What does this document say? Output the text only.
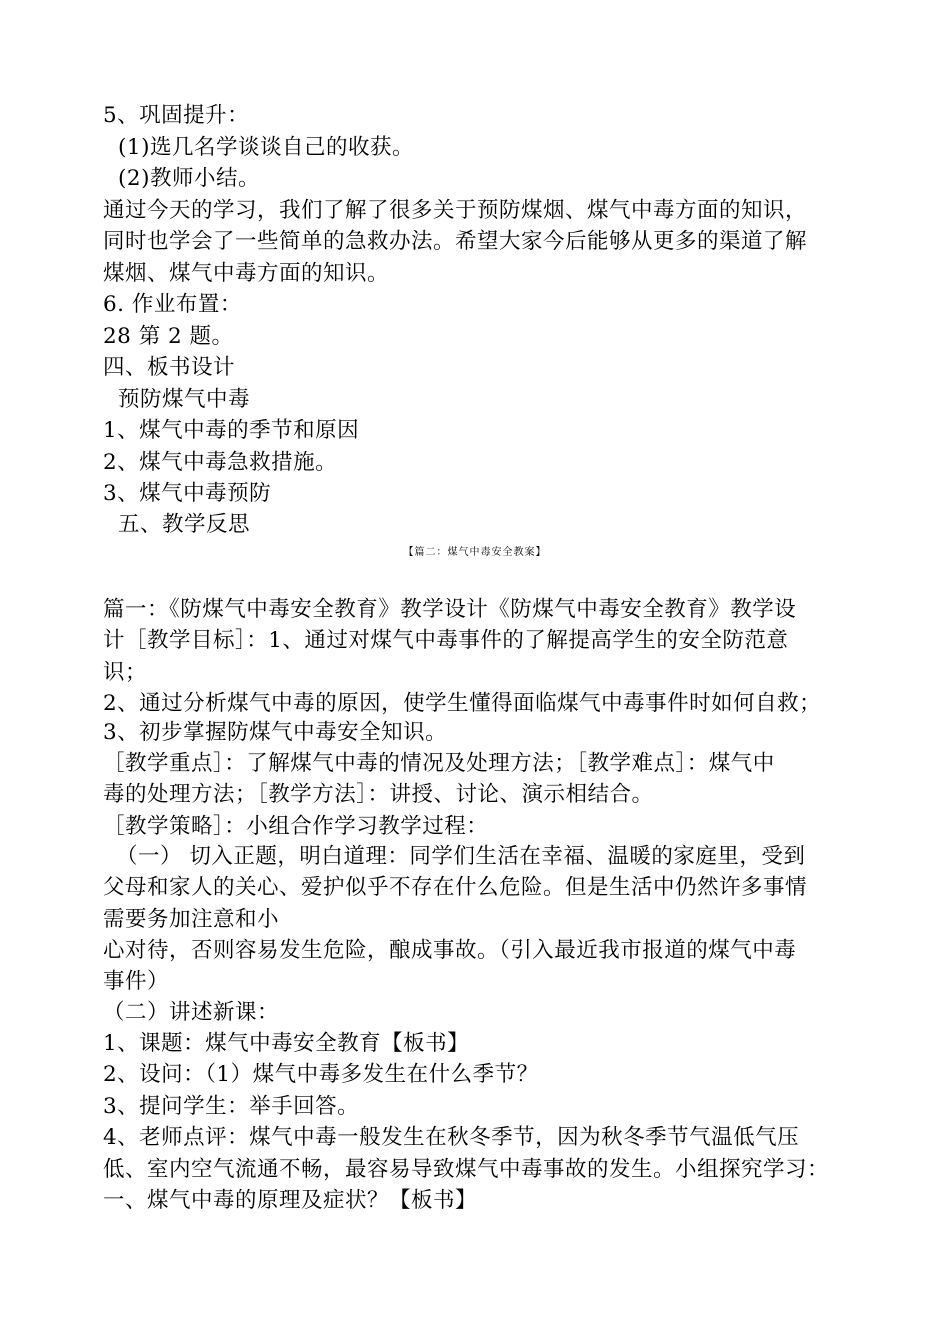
5、巩固提升：
(1)选几名学谈谈自己的收获。
(2)教师小结。
通过今天的学习，我们了解了很多关于预防煤烟、煤气中毒方面的知识，
同时也学会了一些简单的急救办法。希望大家今后能够从更多的渠道了解
煤烟、煤气中毒方面的知识。
6. 作业布置：
28 第 2 题。
四、板书设计
预防煤气中毒
1、煤气中毒的季节和原因
2、煤气中毒急救措施。
3、煤气中毒预防
五、教学反思
【篇二：煤气中毒安全教案】
篇一：《防煤气中毒安全教育》教学设计《防煤气中毒安全教育》教学设
计［教学目标］：1、通过对煤气中毒事件的了解提高学生的安全防范意
识；
2、通过分析煤气中毒的原因，使学生懂得面临煤气中毒事件时如何自救；
3、初步掌握防煤气中毒安全知识。
［教学重点］：了解煤气中毒的情况及处理方法；［教学难点］：煤气中
毒的处理方法；［教学方法］：讲授、讨论、演示相结合。
［教学策略］：小组合作学习教学过程：
（一） 切入正题，明白道理：同学们生活在幸福、温暖的家庭里，受到
父母和家人的关心、爱护似乎不存在什么危险。但是生活中仍然许多事情
需要务加注意和小
心对待，否则容易发生危险，酿成事故。（引入最近我市报道的煤气中毒
事件）
（二）讲述新课：
1、课题：煤气中毒安全教育【板书】
2、设问：（1）煤气中毒多发生在什么季节？
3、提问学生：举手回答。
4、老师点评：煤气中毒一般发生在秋冬季节，因为秋冬季节气温低气压
低、室内空气流通不畅，最容易导致煤气中毒事故的发生。小组探究学习：
一、煤气中毒的原理及症状？【板书】
